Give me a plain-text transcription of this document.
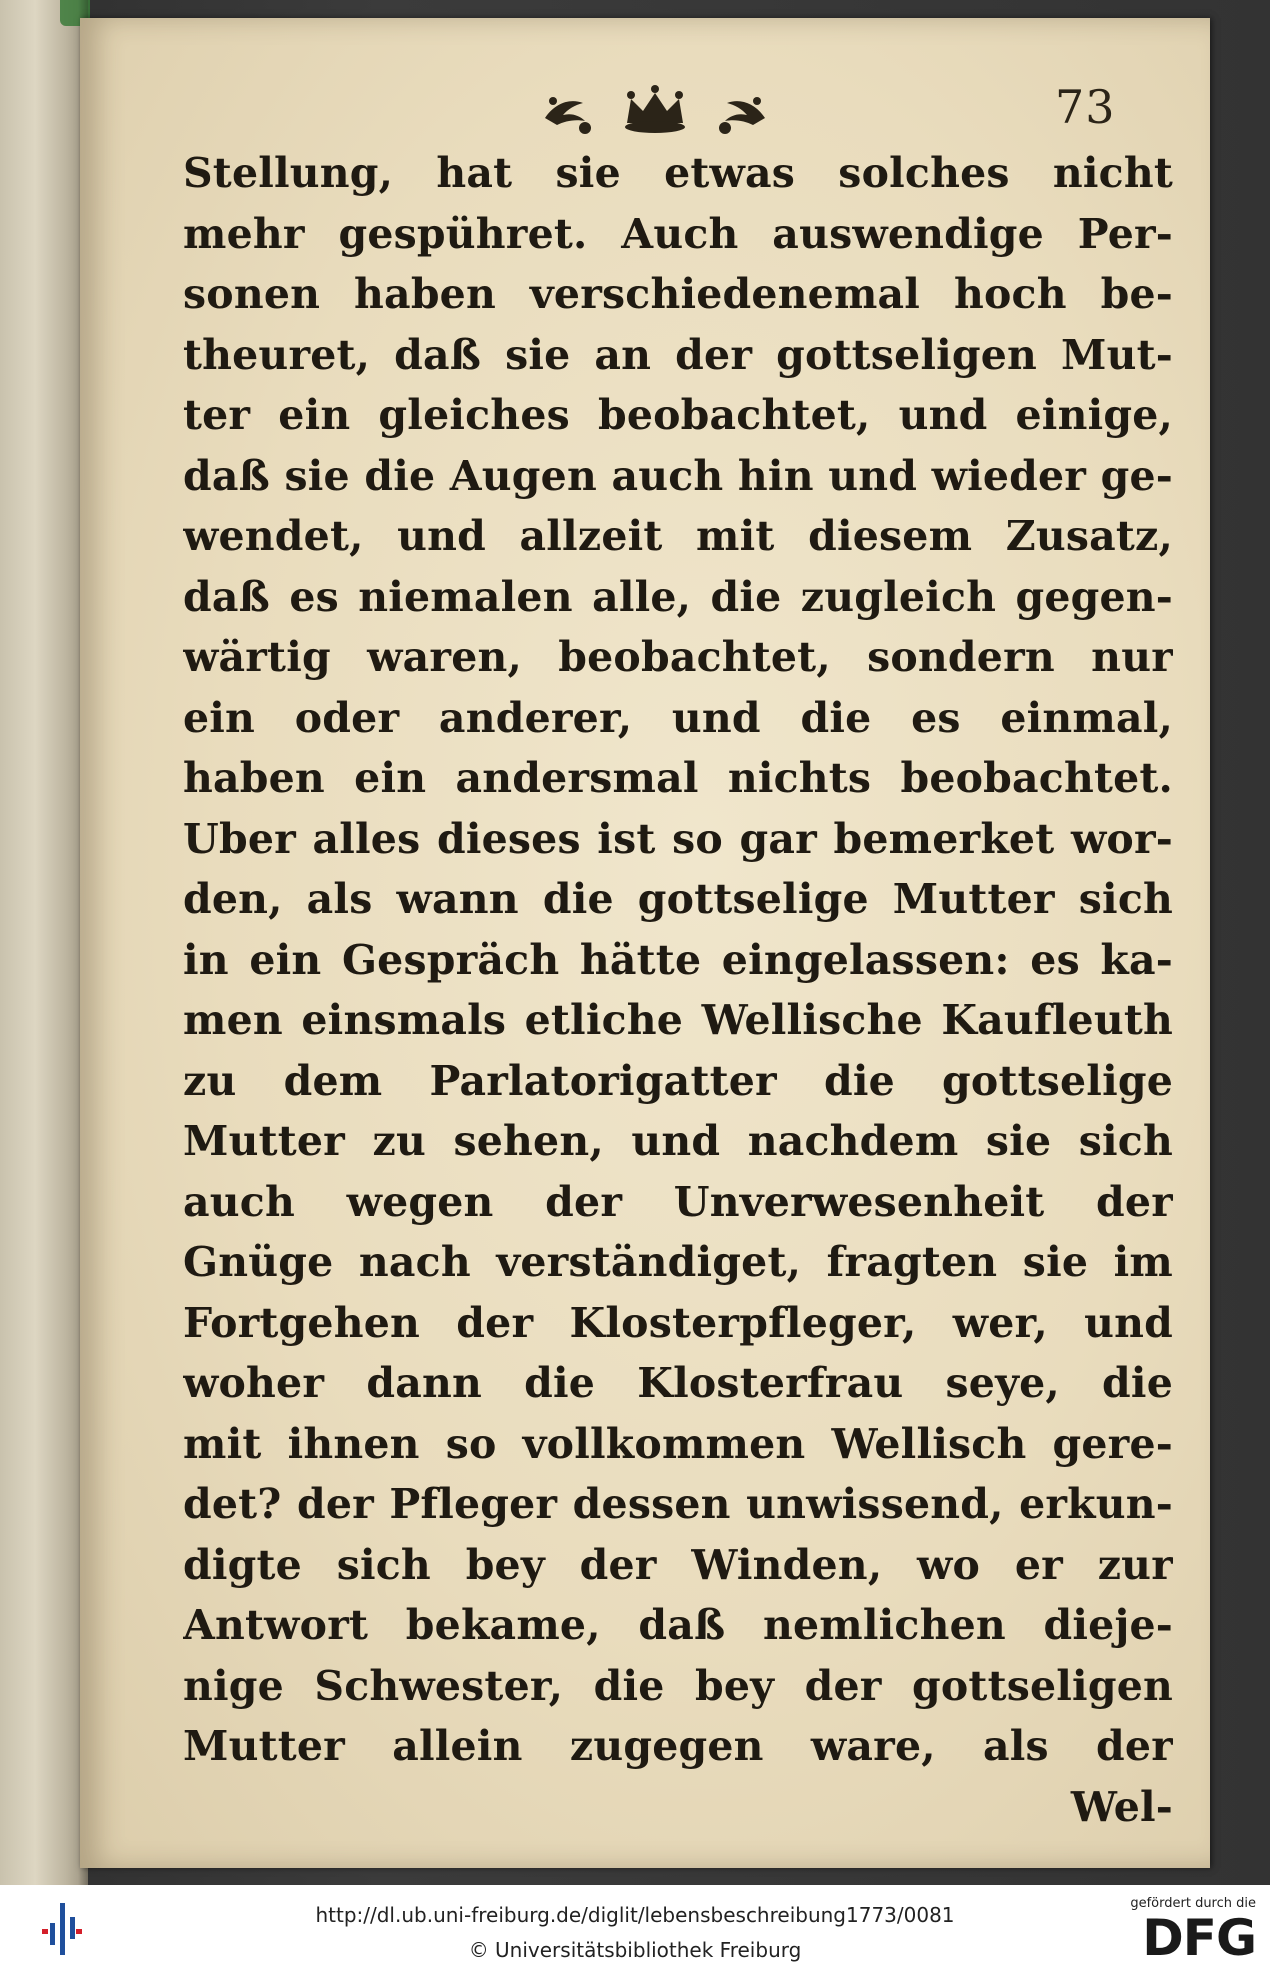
73
Stellung, hat sie etwas solches nicht
mehr gespühret. Auch auswendige Per-
sonen haben verschiedenemal hoch be-
theuret, daß sie an der gottseligen Mut-
ter ein gleiches beobachtet, und einige,
daß sie die Augen auch hin und wieder ge-
wendet, und allzeit mit diesem Zusatz,
daß es niemalen alle, die zugleich gegen-
wärtig waren, beobachtet, sondern nur
ein oder anderer, und die es einmal,
haben ein andersmal nichts beobachtet.
Uber alles dieses ist so gar bemerket wor-
den, als wann die gottselige Mutter sich
in ein Gespräch hätte eingelassen: es ka-
men einsmals etliche Wellische Kaufleuth
zu dem Parlatorigatter die gottselige
Mutter zu sehen, und nachdem sie sich
auch wegen der Unverwesenheit der
Gnüge nach verständiget, fragten sie im
Fortgehen der Klosterpfleger, wer, und
woher dann die Klosterfrau seye, die
mit ihnen so vollkommen Wellisch gere-
det? der Pfleger dessen unwissend, erkun-
digte sich bey der Winden, wo er zur
Antwort bekame, daß nemlichen dieje-
nige Schwester, die bey der gottseligen
Mutter allein zugegen ware, als der
Wel-
http://dl.ub.uni-freiburg.de/diglit/lebensbeschreibung1773/0081
© Universitätsbibliothek Freiburg
gefördert durch die
DFG
